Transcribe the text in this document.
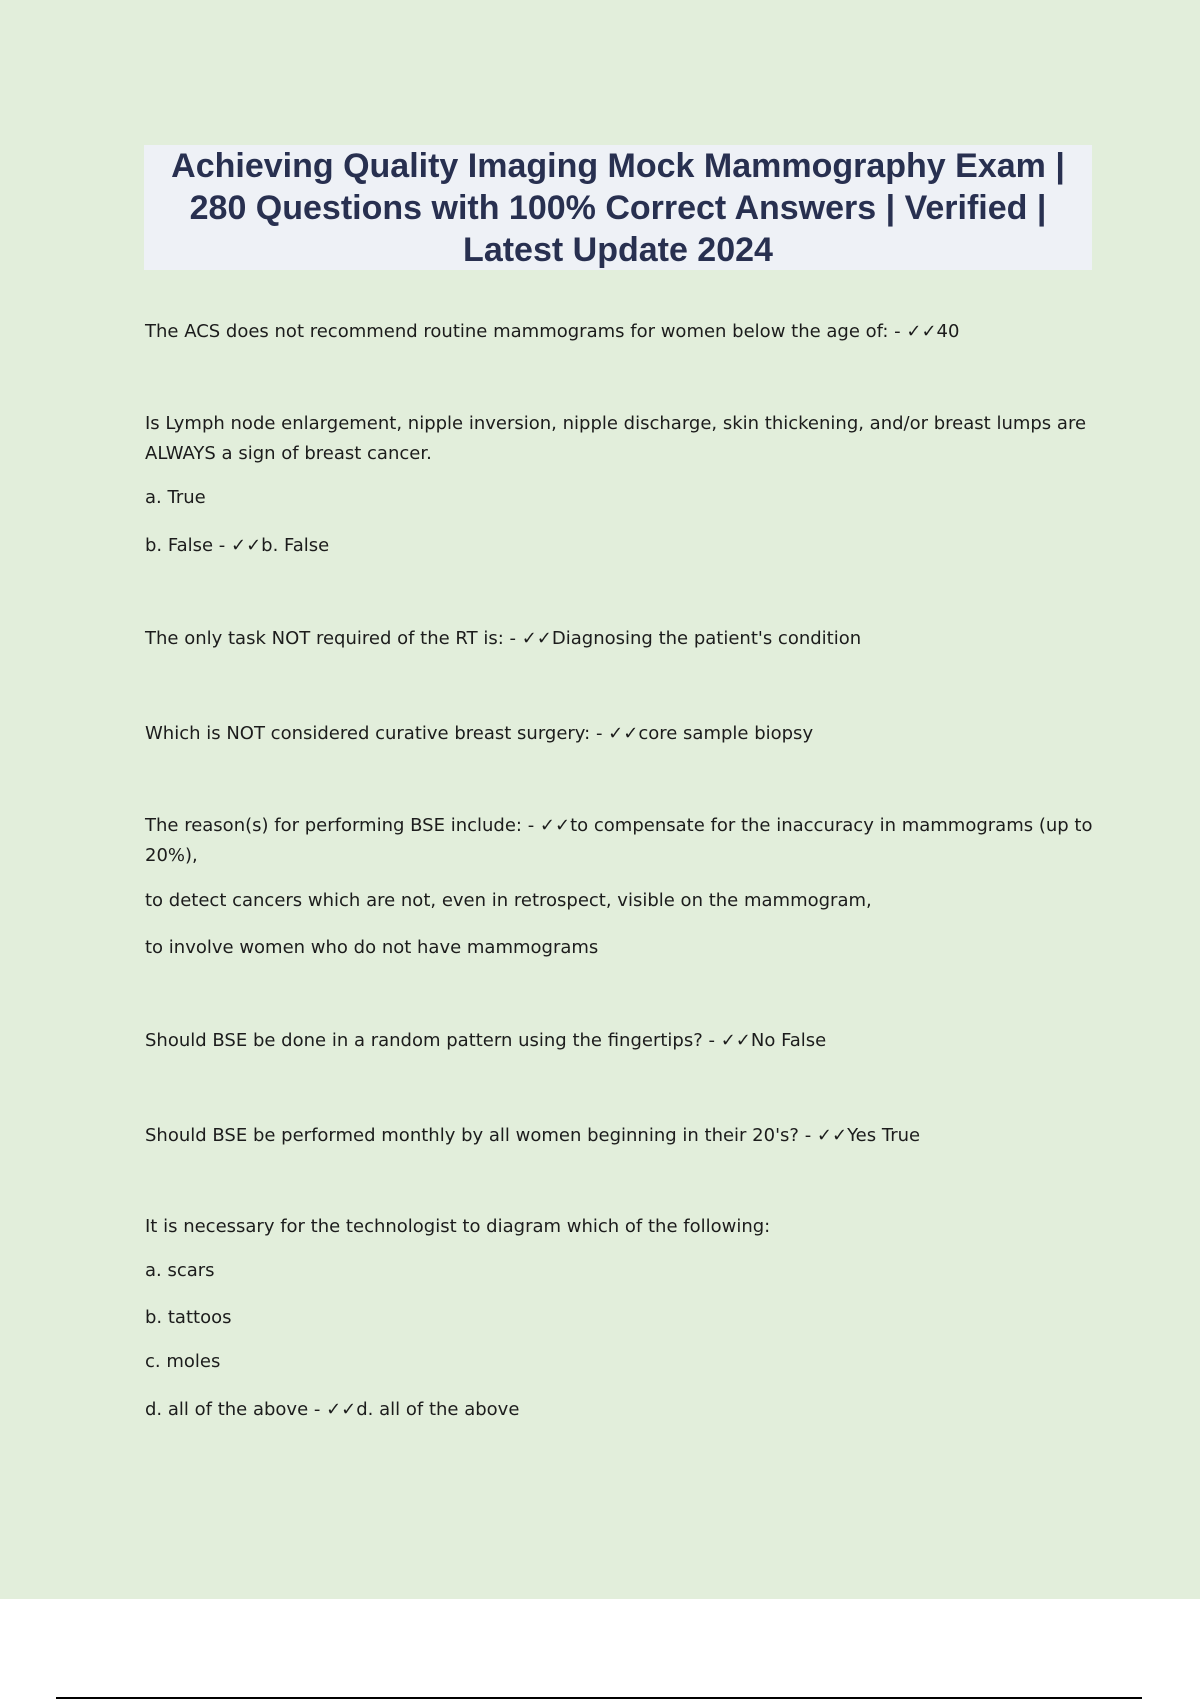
Achieving Quality Imaging Mock Mammography Exam | 280 Questions with 100% Correct Answers | Verified | Latest Update 2024

The ACS does not recommend routine mammograms for women below the age of: - ✓✓40

Is Lymph node enlargement, nipple inversion, nipple discharge, skin thickening, and/or breast lumps are ALWAYS a sign of breast cancer.

a. True

b. False - ✓✓b. False

The only task NOT required of the RT is: - ✓✓Diagnosing the patient's condition

Which is NOT considered curative breast surgery: - ✓✓core sample biopsy

The reason(s) for performing BSE include: - ✓✓to compensate for the inaccuracy in mammograms (up to 20%),

to detect cancers which are not, even in retrospect, visible on the mammogram,

to involve women who do not have mammograms

Should BSE be done in a random pattern using the fingertips? - ✓✓No False

Should BSE be performed monthly by all women beginning in their 20's? - ✓✓Yes True

It is necessary for the technologist to diagram which of the following:

a. scars

b. tattoos

c. moles

d. all of the above - ✓✓d. all of the above
